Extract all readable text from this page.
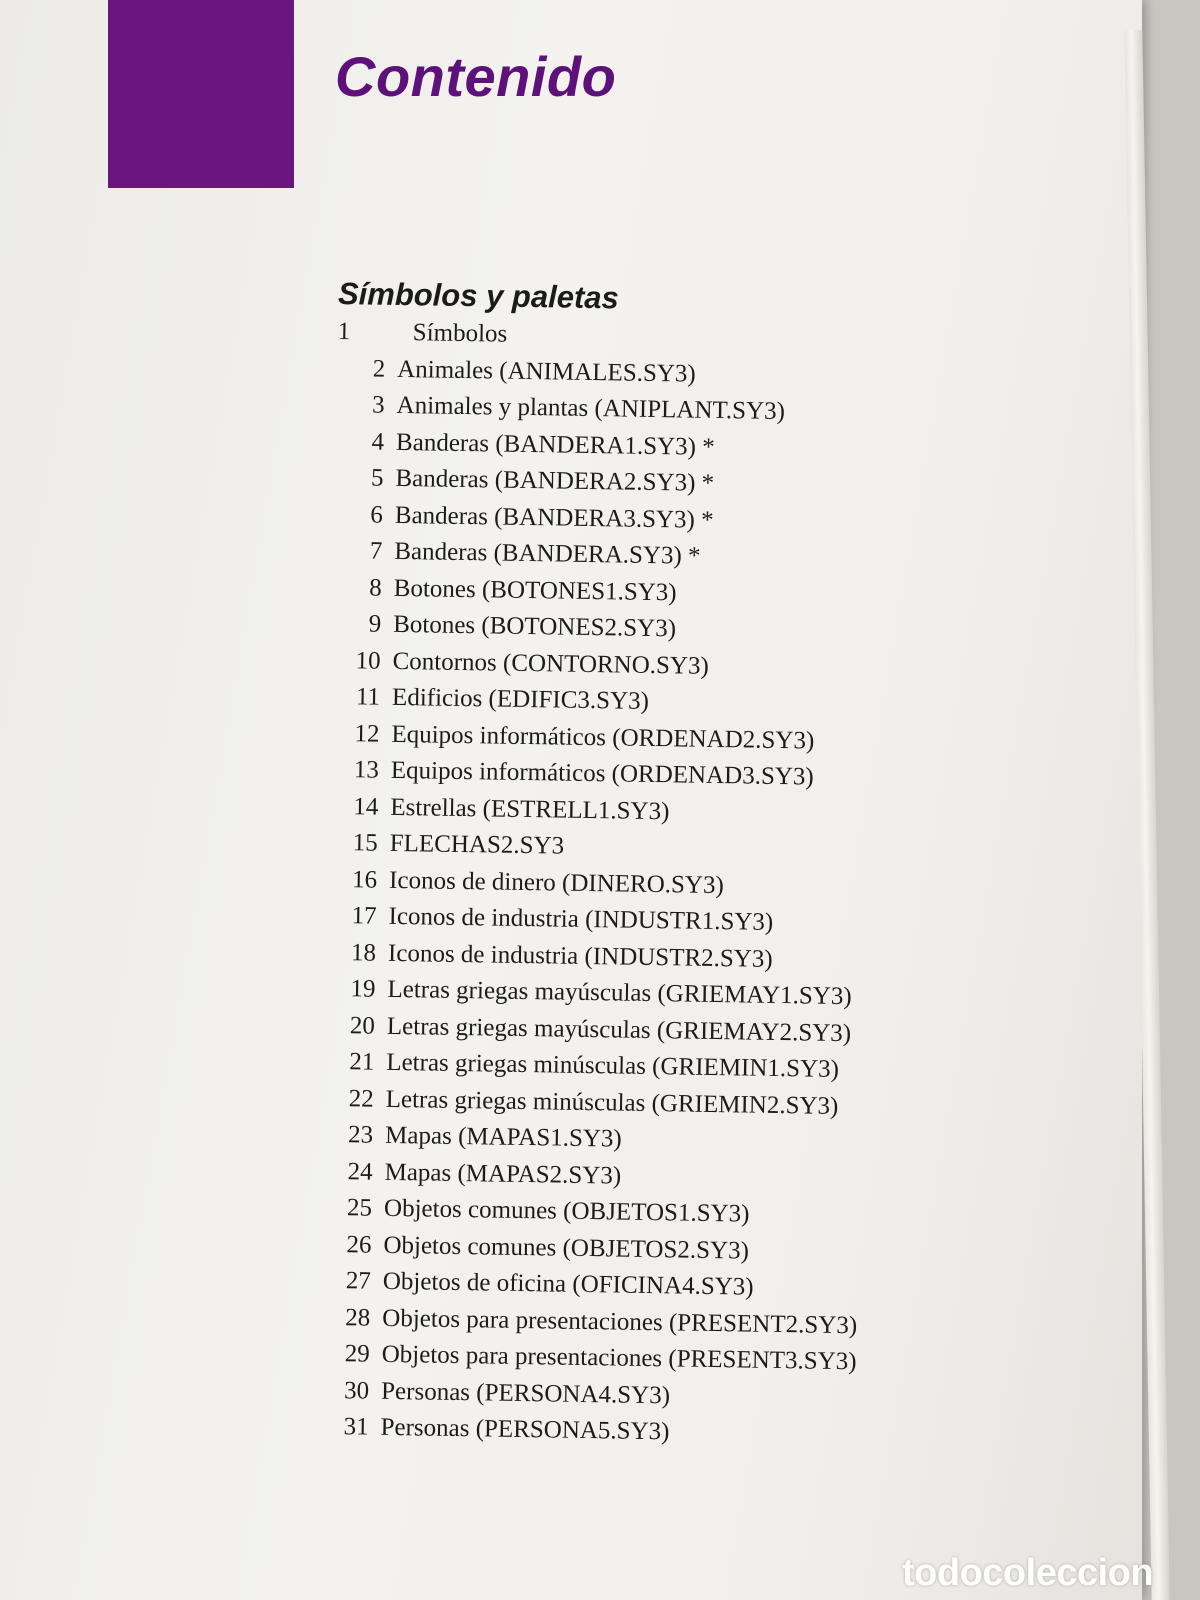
Contenido
Símbolos y paletas
1	Símbolos
2 Animales (ANIMALES.SY3)
3 Animales y plantas (ANIPLANT.SY3)
4 Banderas (BANDERA1.SY3) *
5 Banderas (BANDERA2.SY3) *
6 Banderas (BANDERA3.SY3) *
7 Banderas (BANDERA.SY3) *
8 Botones (BOTONES1.SY3)
9 Botones (BOTONES2.SY3)
10 Contornos (CONTORNO.SY3)
11 Edificios (EDIFIC3.SY3)
12 Equipos informáticos (ORDENAD2.SY3)
13 Equipos informáticos (ORDENAD3.SY3)
14 Estrellas (ESTRELL1.SY3)
15 FLECHAS2.SY3
16 Iconos de dinero (DINERO.SY3)
17 Iconos de industria (INDUSTR1.SY3)
18 Iconos de industria (INDUSTR2.SY3)
19 Letras griegas mayúsculas (GRIEMAY1.SY3)
20 Letras griegas mayúsculas (GRIEMAY2.SY3)
21 Letras griegas minúsculas (GRIEMIN1.SY3)
22 Letras griegas minúsculas (GRIEMIN2.SY3)
23 Mapas (MAPAS1.SY3)
24 Mapas (MAPAS2.SY3)
25 Objetos comunes (OBJETOS1.SY3)
26 Objetos comunes (OBJETOS2.SY3)
27 Objetos de oficina (OFICINA4.SY3)
28 Objetos para presentaciones (PRESENT2.SY3)
29 Objetos para presentaciones (PRESENT3.SY3)
30 Personas (PERSONA4.SY3)
31 Personas (PERSONA5.SY3)
todocoleccion
